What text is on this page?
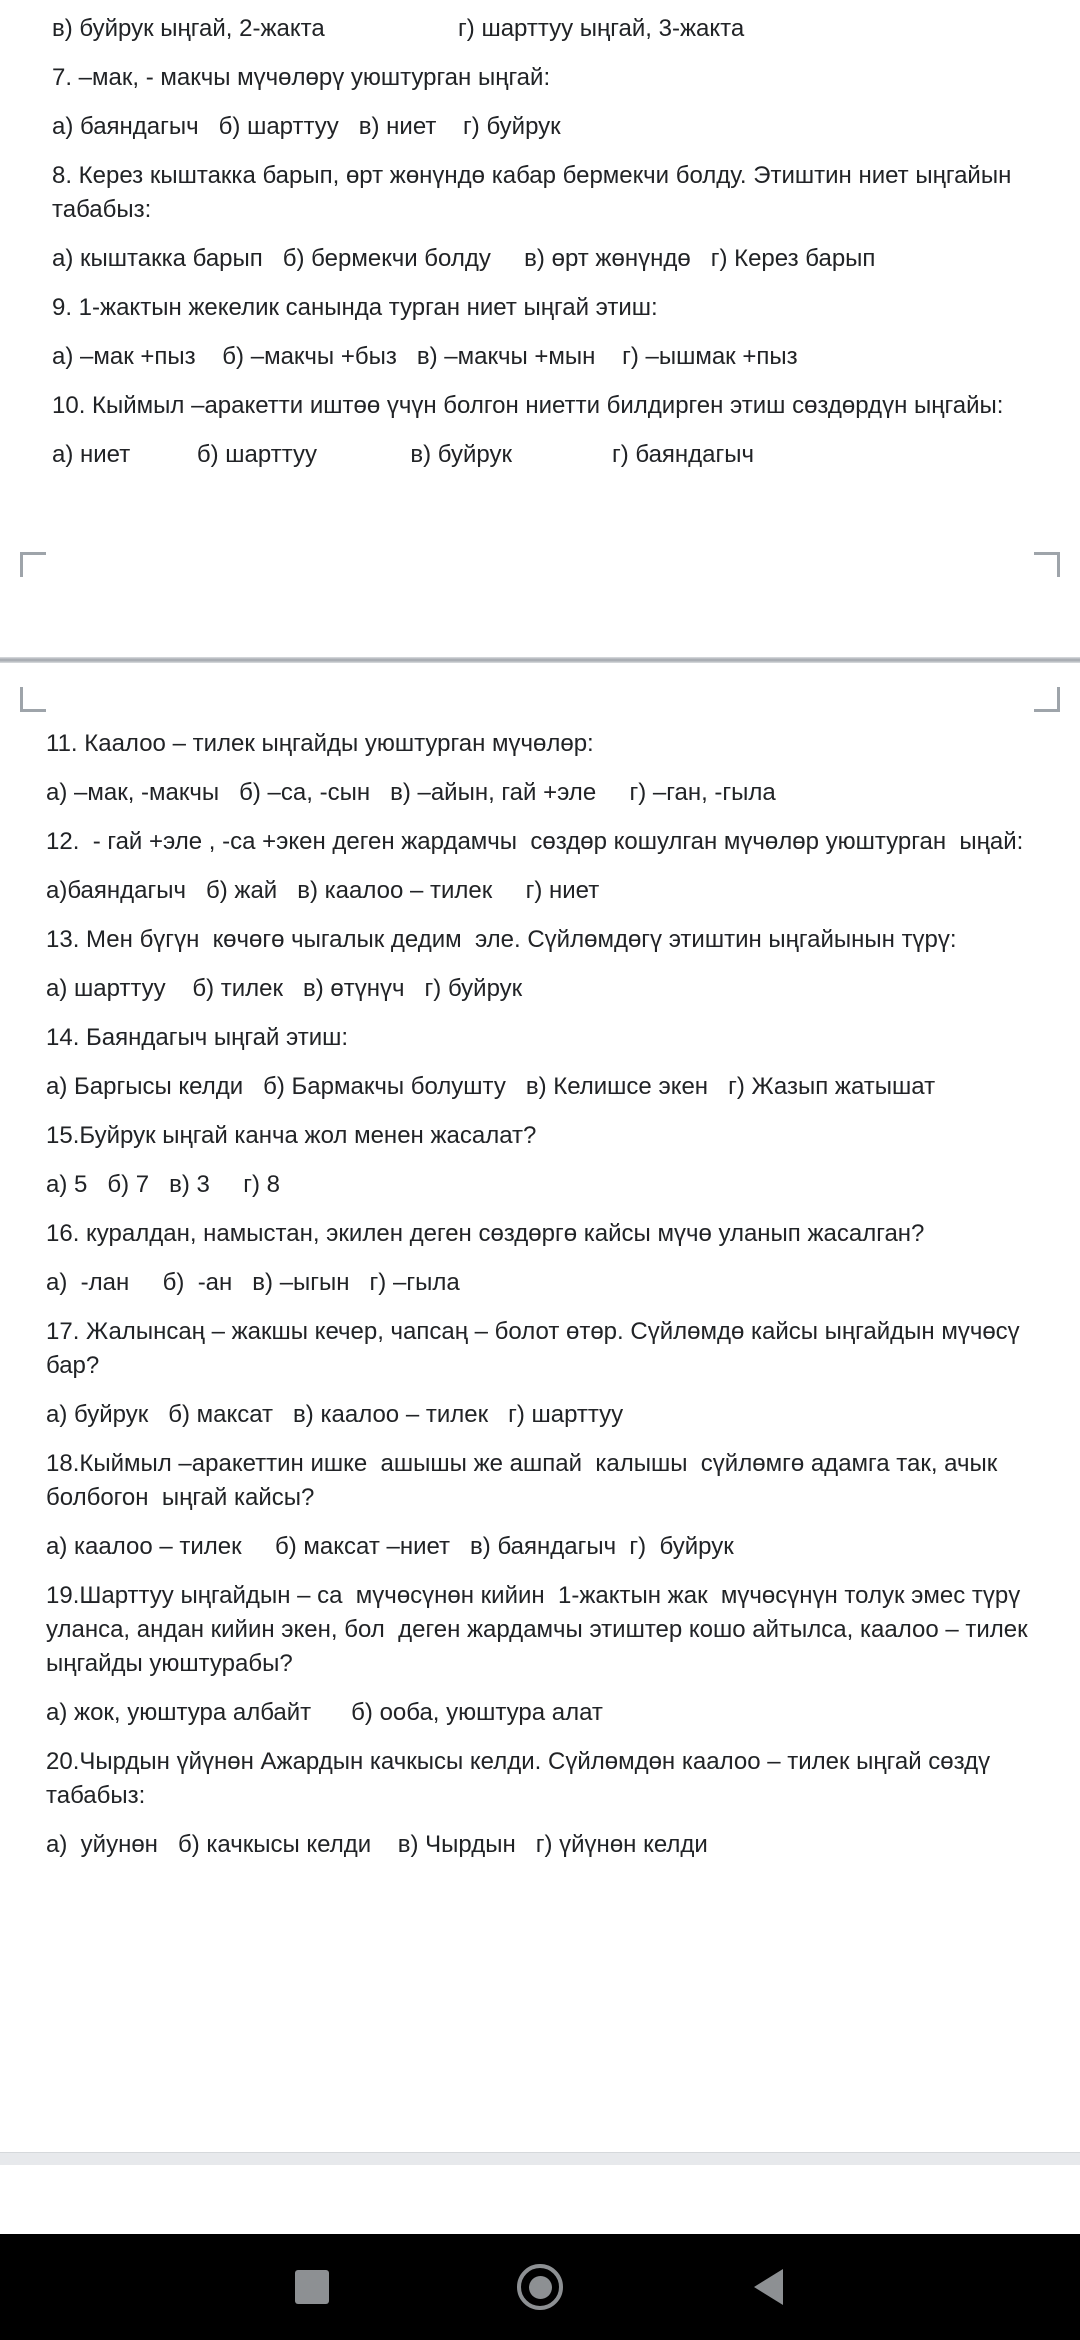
в) буйрук ыңгай, 2-жакта                    г) шарттуу ыңгай, 3-жакта

7. –мак, - макчы мүчөлөрү уюштурган ыңгай:

а) баяндагыч   б) шарттуу   в) ниет    г) буйрук

8. Керез кыштакка барып, өрт жөнүндө кабар бермекчи болду. Этиштин ниет ыңгайын табабыз:

а) кыштакка барып   б) бермекчи болду     в) өрт жөнүндө   г) Керез барып

9. 1-жактын жекелик санында турган ниет ыңгай этиш:

а) –мак +пыз    б) –макчы +быз   в) –макчы +мын    г) –ышмак +пыз

10. Кыймыл –аракетти иштөө үчүн болгон ниетти билдирген этиш сөздөрдүн ыңгайы:

а) ниет          б) шарттуу              в) буйрук               г) баяндагыч

11. Каалоо – тилек ыңгайды уюштурган мүчөлөр:

а) –мак, -макчы   б) –са, -сын   в) –айын, гай +эле     г) –ган, -гыла

12.  - гай +эле , -са +экен деген жардамчы  сөздөр кошулган мүчөлөр уюштурган  ыңай:

а)баяндагыч   б) жай   в) каалоо – тилек     г) ниет

13. Мен бүгүн  көчөгө чыгалык дедим  эле. Сүйлөмдөгү этиштин ыңгайынын түрү:

а) шарттуу    б) тилек   в) өтүнүч   г) буйрук

14. Баяндагыч ыңгай этиш:

а) Баргысы келди   б) Бармакчы болушту   в) Келишсе экен   г) Жазып жатышат

15.Буйрук ыңгай канча жол менен жасалат?

а) 5   б) 7   в) 3     г) 8

16. куралдан, намыстан, экилен деген сөздөргө кайсы мүчө уланып жасалган?

а)  -лан     б)  -ан   в) –ыгын   г) –гыла

17. Жалынсаң – жакшы кечер, чапсаң – болот өтөр. Сүйлөмдө кайсы ыңгайдын мүчөсү бар?

а) буйрук   б) максат   в) каалоо – тилек   г) шарттуу

18.Кыймыл –аракеттин ишке  ашышы же ашпай  калышы  сүйлөмгө адамга так, ачык болбогон  ыңгай кайсы?

а) каалоо – тилек     б) максат –ниет   в) баяндагыч  г)  буйрук

19.Шарттуу ыңгайдын – са  мүчөсүнөн кийин  1-жактын жак  мүчөсүнүн толук эмес түрү уланса, андан кийин экен, бол  деген жардамчы этиштер кошо айтылса, каалоо – тилек  ыңгайды уюштурабы?

а) жок, уюштура албайт      б) ооба, уюштура алат

20.Чырдын үйүнөн Ажардын качкысы келди. Сүйлөмдөн каалоо – тилек ыңгай сөздү табабыз:

а)  уйунөн   б) качкысы келди    в) Чырдын   г) үйүнөн келди
